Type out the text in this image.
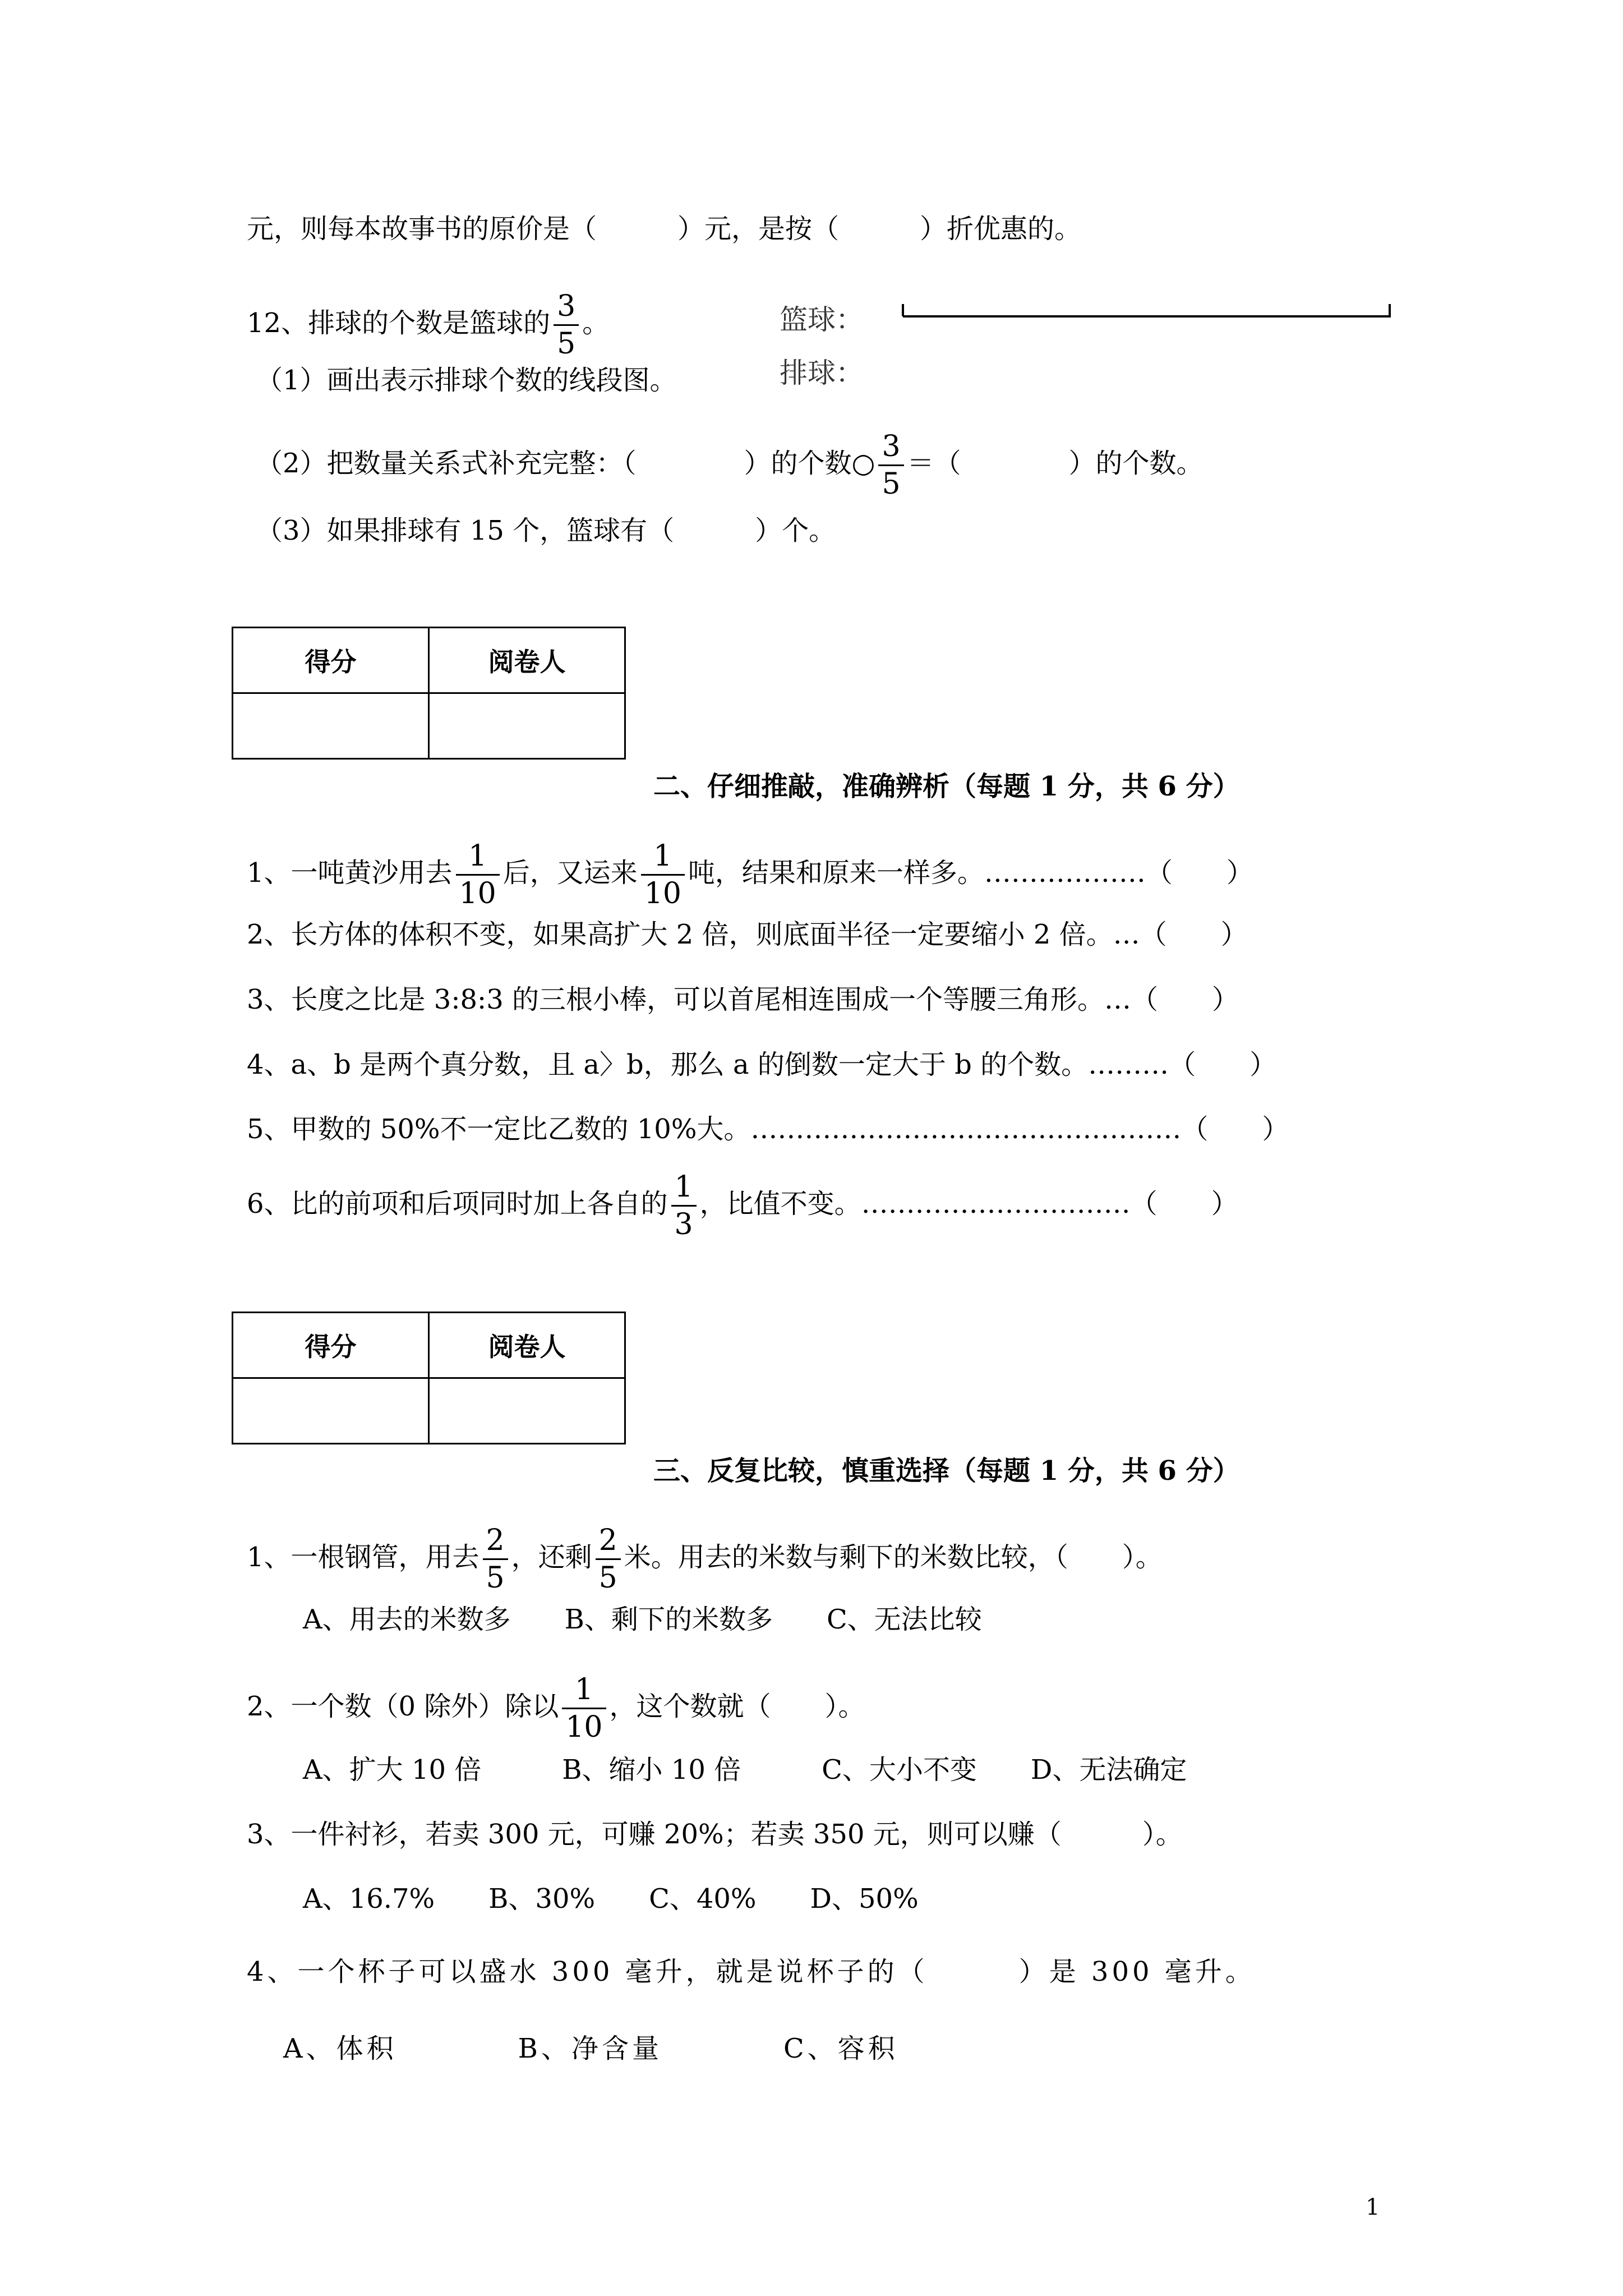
元，则每本故事书的原价是（　　　）元，是按（　　　）折优惠的。
12、排球的个数是篮球的 $\frac{3}{5}$ 。	篮球：
排球：
（1）画出表示排球个数的线段图。
（2）把数量关系式补充完整：（　　　　）的个数○ $\frac{3}{5}$ ＝（　　　　）的个数。
（3）如果排球有 15 个，篮球有（　　　）个。
得分	阅卷人

二、仔细推敲，准确辨析（每题 1 分，共 6 分）
1、一吨黄沙用去 $\frac{1}{10}$ 后，又运来 $\frac{1}{10}$ 吨，结果和原来一样多。………………（　　）
2、长方体的体积不变，如果高扩大 2 倍，则底面半径一定要缩小 2 倍。…（　　）
3、长度之比是 3:8:3 的三根小棒，可以首尾相连围成一个等腰三角形。…（　　）
4、a、b 是两个真分数，且 a〉b，那么 a 的倒数一定大于 b 的个数。………（　　）
5、甲数的 50%不一定比乙数的 10%大。…………………………………………（　　）
6、比的前项和后项同时加上各自的 $\frac{1}{3}$ ，比值不变。…………………………（　　）
得分	阅卷人

三、反复比较，慎重选择（每题 1 分，共 6 分）
1、一根钢管，用去 $\frac{2}{5}$ ，还剩 $\frac{2}{5}$ 米。用去的米数与剩下的米数比较，（　　）。
A、用去的米数多　　B、剩下的米数多　　C、无法比较
2、一个数（0 除外）除以 $\frac{1}{10}$ ，这个数就（　　）。
A、扩大 10 倍　　　B、缩小 10 倍　　　C、大小不变　　D、无法确定
3、一件衬衫，若卖 300 元，可赚 20%；若卖 350 元，则可以赚（　　　）。
A、16.7%　　B、30%　　C、40%　　D、50%
4、一个杯子可以盛水 300 毫升，就是说杯子的（　　　）是 300 毫升。
A、体积　　　　B、净含量　　　　C、容积
1
